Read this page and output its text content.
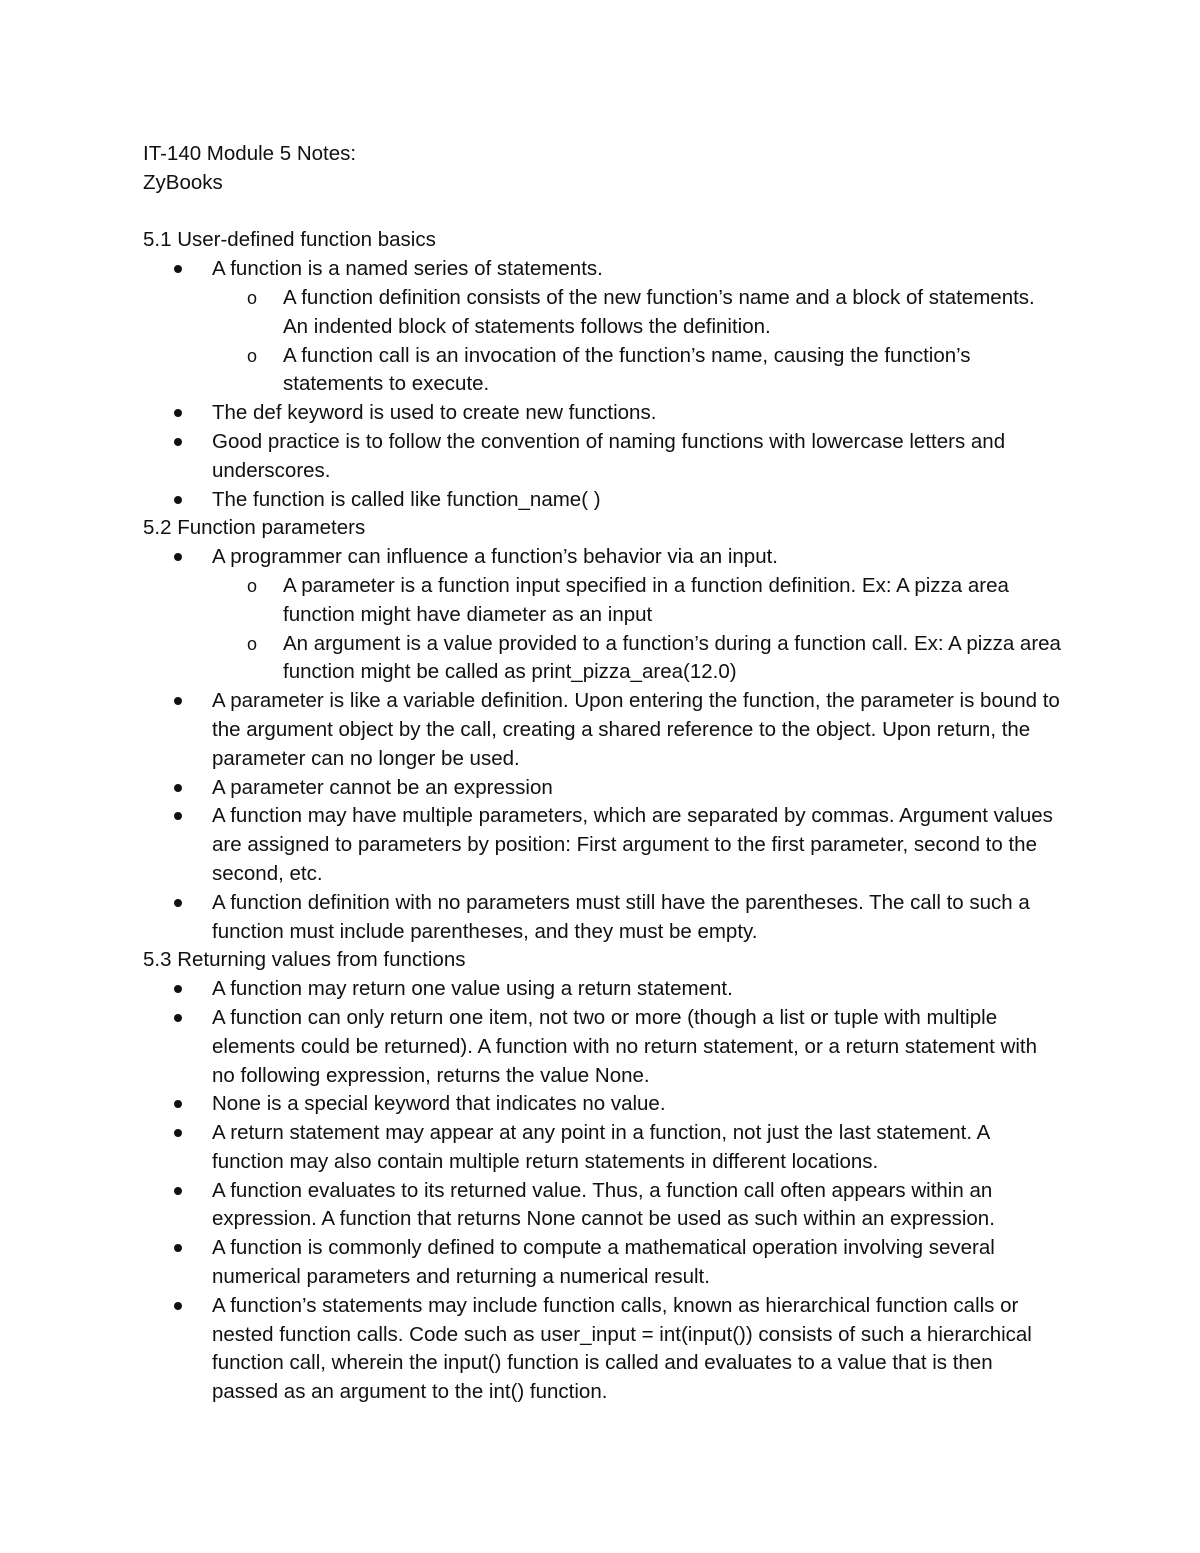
IT-140 Module 5 Notes:

ZyBooks

5.1 User-defined function basics

A function is a named series of statements.
o A function definition consists of the new function’s name and a block of statements. An indented block of statements follows the definition.
o A function call is an invocation of the function’s name, causing the function’s statements to execute.
The def keyword is used to create new functions.
Good practice is to follow the convention of naming functions with lowercase letters and underscores.
The function is called like function_name( )

5.2 Function parameters

A programmer can influence a function’s behavior via an input.
o A parameter is a function input specified in a function definition. Ex: A pizza area function might have diameter as an input
o An argument is a value provided to a function’s during a function call. Ex: A pizza area function might be called as print_pizza_area(12.0)
A parameter is like a variable definition. Upon entering the function, the parameter is bound to the argument object by the call, creating a shared reference to the object. Upon return, the parameter can no longer be used.
A parameter cannot be an expression
A function may have multiple parameters, which are separated by commas. Argument values are assigned to parameters by position: First argument to the first parameter, second to the second, etc.
A function definition with no parameters must still have the parentheses. The call to such a function must include parentheses, and they must be empty.

5.3 Returning values from functions

A function may return one value using a return statement.
A function can only return one item, not two or more (though a list or tuple with multiple elements could be returned). A function with no return statement, or a return statement with no following expression, returns the value None.
None is a special keyword that indicates no value.
A return statement may appear at any point in a function, not just the last statement. A function may also contain multiple return statements in different locations.
A function evaluates to its returned value. Thus, a function call often appears within an expression. A function that returns None cannot be used as such within an expression.
A function is commonly defined to compute a mathematical operation involving several numerical parameters and returning a numerical result.
A function’s statements may include function calls, known as hierarchical function calls or nested function calls. Code such as user_input = int(input()) consists of such a hierarchical function call, wherein the input() function is called and evaluates to a value that is then passed as an argument to the int() function.
